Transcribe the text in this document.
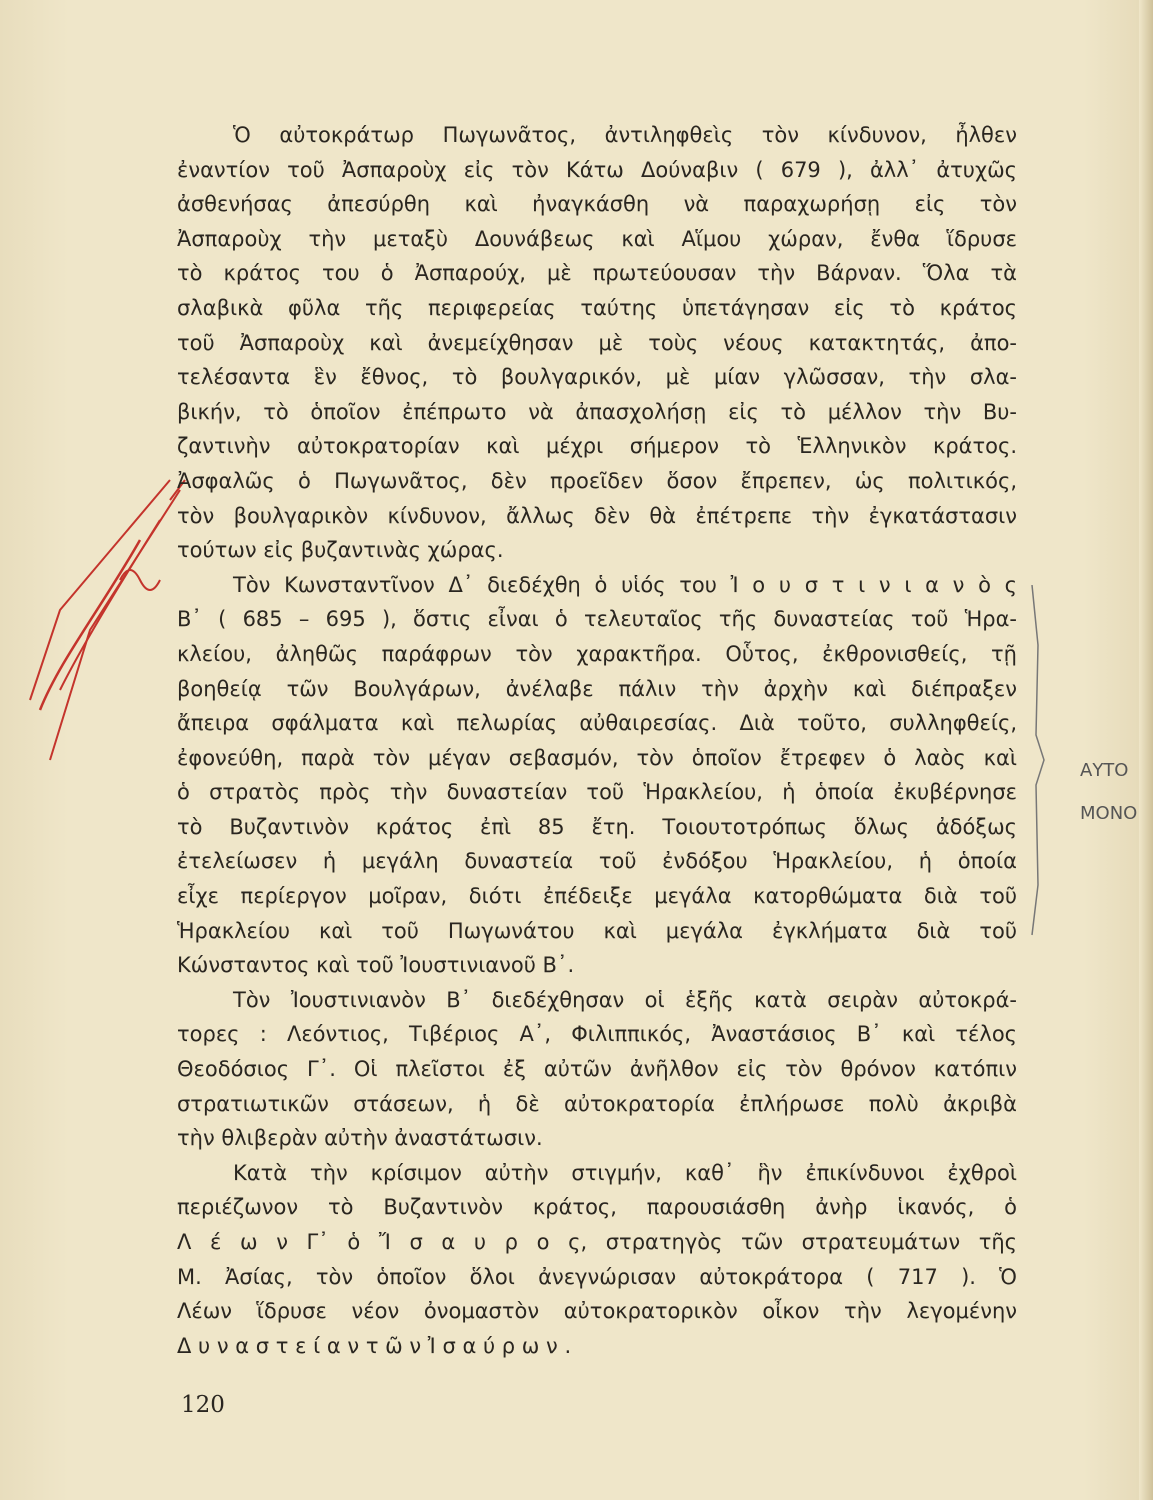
ΑΥΤΟ
ΜΟΝΟ
Ὁ αὐτοκράτωρ Πωγωνᾶτος, ἀντιληφθεὶς τὸν κίνδυνον, ἦλθεν
ἐναντίον τοῦ Ἀσπαροὺχ εἰς τὸν Κάτω Δούναβιν ( 679 ), ἀλλ᾽ ἀτυχῶς
ἀσθενήσας ἀπεσύρθη καὶ ἠναγκάσθη νὰ παραχωρήσῃ εἰς τὸν
Ἀσπαροὺχ τὴν μεταξὺ Δουνάβεως καὶ Αἵμου χώραν, ἔνθα ἵδρυσε
τὸ κράτος του ὁ Ἀσπαρούχ, μὲ πρωτεύουσαν τὴν Βάρναν. Ὅλα τὰ
σλαβικὰ φῦλα τῆς περιφερείας ταύτης ὑπετάγησαν εἰς τὸ κράτος
τοῦ Ἀσπαροὺχ καὶ ἀνεμείχθησαν μὲ τοὺς νέους κατακτητάς, ἀπο-
τελέσαντα ἓν ἔθνος, τὸ βουλγαρικόν, μὲ μίαν γλῶσσαν, τὴν σλα-
βικήν, τὸ ὁποῖον ἐπέπρωτο νὰ ἀπασχολήσῃ εἰς τὸ μέλλον τὴν Βυ-
ζαντινὴν αὐτοκρατορίαν καὶ μέχρι σήμερον τὸ Ἑλληνικὸν κράτος.
Ἀσφαλῶς ὁ Πωγωνᾶτος, δὲν προεῖδεν ὅσον ἔπρεπεν, ὡς πολιτικός,
τὸν βουλγαρικὸν κίνδυνον, ἄλλως δὲν θὰ ἐπέτρεπε τὴν ἐγκατάστασιν
τούτων εἰς βυζαντινὰς χώρας.
Τὸν Κωνσταντῖνον Δ᾽ διεδέχθη ὁ υἱός του Ἰ ο υ σ τ ι ν ι α ν ὸ ς
Β᾽ ( 685 – 695 ), ὅστις εἶναι ὁ τελευταῖος τῆς δυναστείας τοῦ Ἡρα-
κλείου, ἀληθῶς παράφρων τὸν χαρακτῆρα. Οὗτος, ἐκθρονισθείς, τῇ
βοηθείᾳ τῶν Βουλγάρων, ἀνέλαβε πάλιν τὴν ἀρχὴν καὶ διέπραξεν
ἄπειρα σφάλματα καὶ πελωρίας αὐθαιρεσίας. Διὰ τοῦτο, συλληφθείς,
ἐφονεύθη, παρὰ τὸν μέγαν σεβασμόν, τὸν ὁποῖον ἔτρεφεν ὁ λαὸς καὶ
ὁ στρατὸς πρὸς τὴν δυναστείαν τοῦ Ἡρακλείου, ἡ ὁποία ἐκυβέρνησε
τὸ Βυζαντινὸν κράτος ἐπὶ 85 ἔτη. Τοιουτοτρόπως ὅλως ἀδόξως
ἐτελείωσεν ἡ μεγάλη δυναστεία τοῦ ἐνδόξου Ἡρακλείου, ἡ ὁποία
εἶχε περίεργον μοῖραν, διότι ἐπέδειξε μεγάλα κατορθώματα διὰ τοῦ
Ἡρακλείου καὶ τοῦ Πωγωνάτου καὶ μεγάλα ἐγκλήματα διὰ τοῦ
Κώνσταντος καὶ τοῦ Ἰουστινιανοῦ Β᾽.
Τὸν Ἰουστινιανὸν Β᾽ διεδέχθησαν οἱ ἑξῆς κατὰ σειρὰν αὐτοκρά-
τορες : Λεόντιος, Τιβέριος Α᾽, Φιλιππικός, Ἀναστάσιος Β᾽ καὶ τέλος
Θεοδόσιος Γ᾽. Οἱ πλεῖστοι ἐξ αὐτῶν ἀνῆλθον εἰς τὸν θρόνον κατόπιν
στρατιωτικῶν στάσεων, ἡ δὲ αὐτοκρατορία ἐπλήρωσε πολὺ ἀκριβὰ
τὴν θλιβερὰν αὐτὴν ἀναστάτωσιν.
Κατὰ τὴν κρίσιμον αὐτὴν στιγμήν, καθ᾽ ἣν ἐπικίνδυνοι ἐχθροὶ
περιέζωνον τὸ Βυζαντινὸν κράτος, παρουσιάσθη ἀνὴρ ἱκανός, ὁ
Λ έ ω ν Γ᾽ ὁ Ἴ σ α υ ρ ο ς, στρατηγὸς τῶν στρατευμάτων τῆς
Μ. Ἀσίας, τὸν ὁποῖον ὅλοι ἀνεγνώρισαν αὐτοκράτορα ( 717 ). Ὁ
Λέων ἵδρυσε νέον ὀνομαστὸν αὐτοκρατορικὸν οἶκον τὴν λεγομένην
Δ υ ν α σ τ ε ί α ν τ ῶ ν Ἰ σ α ύ ρ ω ν .
120
